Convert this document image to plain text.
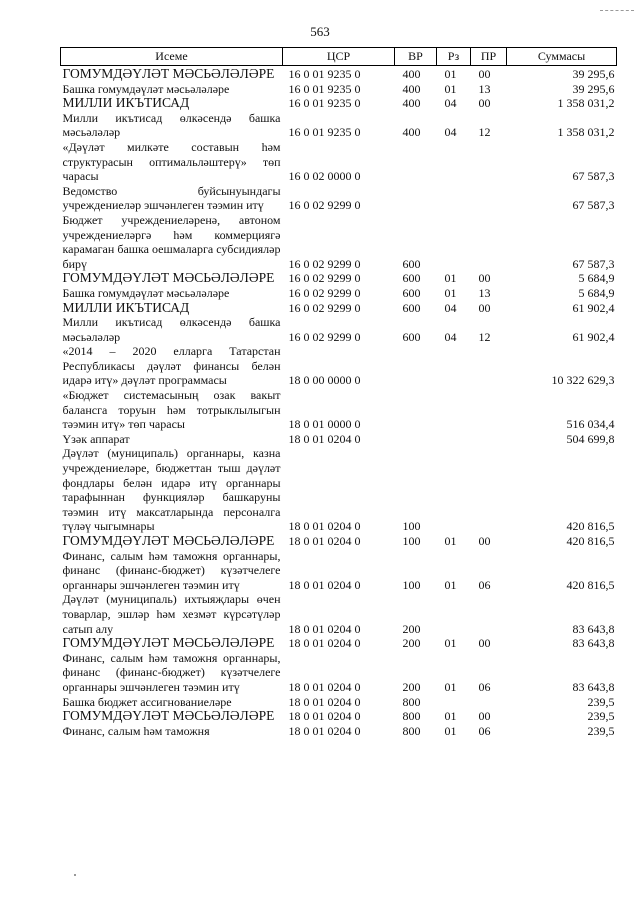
563
Исеме	ЦСР	ВР	Рз	ПР	Суммасы
ГОМУМДӘҮЛӘТ МӘСЬӘЛӘЛӘРЕ	16 0 01 9235 0	400	01	00	39 295,6
Башка гомумдәүләт мәсьәләләре	16 0 01 9235 0	400	01	13	39 295,6
МИЛЛИ ИКЪТИСАД	16 0 01 9235 0	400	04	00	1 358 031,2
Милли икътисад өлкәсендә башка мәсьәләләр	16 0 01 9235 0	400	04	12	1 358 031,2
«Дәүләт милкәте составын һәм структурасын оптимальләштерү» төп чарасы	16 0 02 0000 0				67 587,3
Ведомство буйсынуындагы учреждениеләр эшчәнлеген тәэмин итү	16 0 02 9299 0				67 587,3
Бюджет учреждениеләренә, автоном учреждениеләргә һәм коммерциягә карамаган башка оешмаларга субсидияләр бирү	16 0 02 9299 0	600			67 587,3
ГОМУМДӘҮЛӘТ МӘСЬӘЛӘЛӘРЕ	16 0 02 9299 0	600	01	00	5 684,9
Башка гомумдәүләт мәсьәләләре	16 0 02 9299 0	600	01	13	5 684,9
МИЛЛИ ИКЪТИСАД	16 0 02 9299 0	600	04	00	61 902,4
Милли икътисад өлкәсендә башка мәсьәләләр	16 0 02 9299 0	600	04	12	61 902,4
«2014 – 2020 елларга Татарстан Республикасы дәүләт финансы белән идарә итү» дәүләт программасы	18 0 00 0000 0				10 322 629,3
«Бюджет системасының озак вакыт балансга торуын һәм тотрыклылыгын тәэмин итү» төп чарасы	18 0 01 0000 0				516 034,4
Үзәк аппарат	18 0 01 0204 0				504 699,8
Дәүләт (муниципаль) органнары, казна учреждениеләре, бюджеттан тыш дәүләт фондлары белән идарә итү органнары тарафыннан функцияләр башкаруны тәэмин итү максатларында персоналга түләү чыгымнары	18 0 01 0204 0	100			420 816,5
ГОМУМДӘҮЛӘТ МӘСЬӘЛӘЛӘРЕ	18 0 01 0204 0	100	01	00	420 816,5
Финанс, салым һәм таможня органнары, финанс (финанс-бюджет) күзәтчелеге органнары эшчәнлеген тәэмин итү	18 0 01 0204 0	100	01	06	420 816,5
Дәүләт (муниципаль) ихтыяҗлары өчен товарлар, эшләр һәм хезмәт күрсәтүләр сатып алу	18 0 01 0204 0	200			83 643,8
ГОМУМДӘҮЛӘТ МӘСЬӘЛӘЛӘРЕ	18 0 01 0204 0	200	01	00	83 643,8
Финанс, салым һәм таможня органнары, финанс (финанс-бюджет) күзәтчелеге органнары эшчәнлеген тәэмин итү	18 0 01 0204 0	200	01	06	83 643,8
Башка бюджет ассигнованиеләре	18 0 01 0204 0	800			239,5
ГОМУМДӘҮЛӘТ МӘСЬӘЛӘЛӘРЕ	18 0 01 0204 0	800	01	00	239,5
Финанс, салым һәм таможня	18 0 01 0204 0	800	01	06	239,5
